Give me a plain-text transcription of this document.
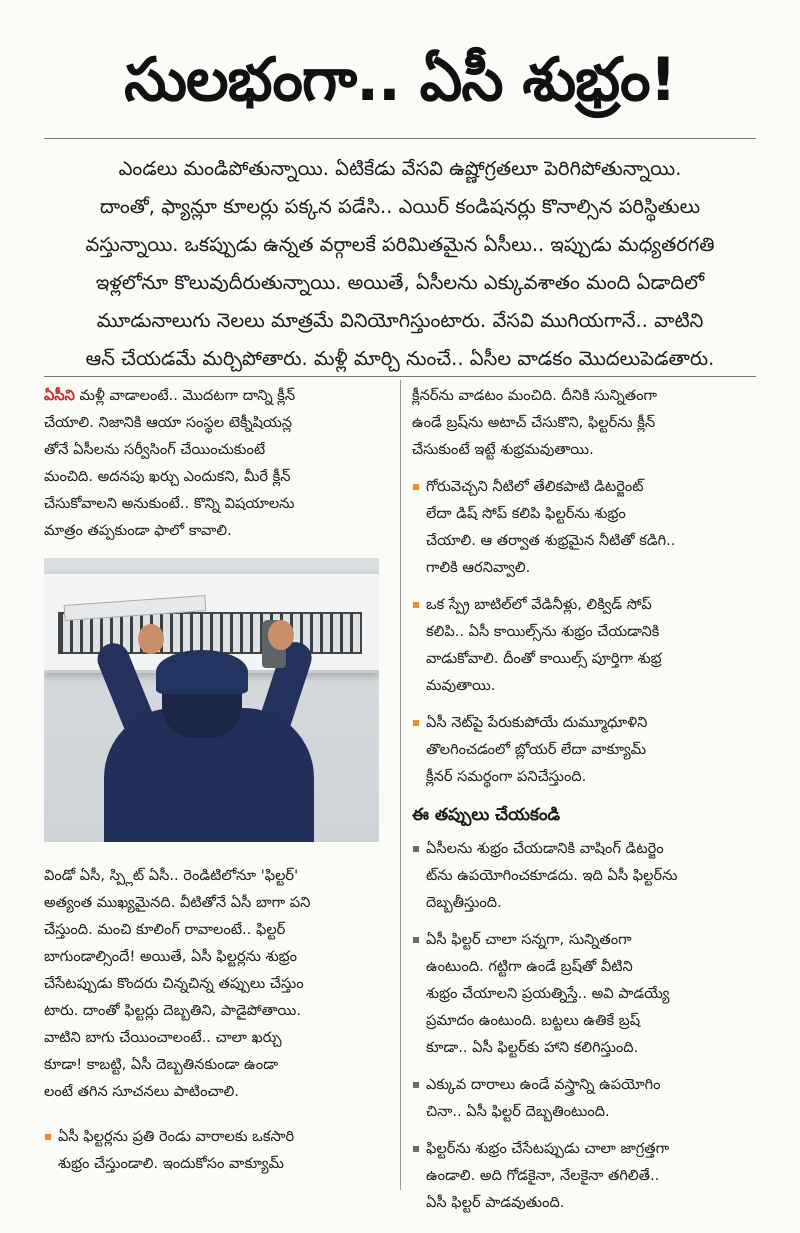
సులభంగా.. ఏసీ శుభ్రం!

ఎండలు మండిపోతున్నాయి. ఏటికేడు వేసవి ఉష్ణోగ్రతలూ పెరిగిపోతున్నాయి.

దాంతో, ఫ్యాన్లూ కూలర్లు పక్కన పడేసి.. ఎయిర్ కండిషనర్లు కొనాల్సిన పరిస్థితులు

వస్తున్నాయి. ఒకప్పుడు ఉన్నత వర్గాలకే పరిమితమైన ఏసీలు.. ఇప్పుడు మధ్యతరగతి

ఇళ్లలోనూ కొలువుదీరుతున్నాయి. అయితే, ఏసీలను ఎక్కువశాతం మంది ఏడాదిలో

మూడునాలుగు నెలలు మాత్రమే వినియోగిస్తుంటారు. వేసవి ముగియగానే.. వాటిని

ఆన్ చేయడమే మర్చిపోతారు. మళ్లీ మార్చి నుంచే.. ఏసీల వాడకం మొదలుపెడతారు.

ఏసీని మళ్లీ వాడాలంటే.. మొదటగా దాన్ని క్లీన్

చేయాలి. నిజానికి ఆయా సంస్థల టెక్నీషియన్ల

తోనే ఏసీలను సర్వీసింగ్ చేయించుకుంటే

మంచిది. అదనపు ఖర్చు ఎందుకని, మీరే క్లీన్

చేసుకోవాలని అనుకుంటే.. కొన్ని విషయాలను

మాత్రం తప్పకుండా ఫాలో కావాలి.

విండో ఏసీ, స్ప్లిట్ ఏసీ.. రెండిటిలోనూ 'ఫిల్టర్'

అత్యంత ముఖ్యమైనది. వీటితోనే ఏసీ బాగా పని

చేస్తుంది. మంచి కూలింగ్ రావాలంటే.. ఫిల్టర్

బాగుండాల్సిందే! అయితే, ఏసీ ఫిల్టర్లను శుభ్రం

చేసేటప్పుడు కొందరు చిన్నచిన్న తప్పులు చేస్తుం

టారు. దాంతో ఫిల్టర్లు దెబ్బతిని, పాడైపోతాయి.

వాటిని బాగు చేయించాలంటే.. చాలా ఖర్చు

కూడా! కాబట్టి, ఏసీ దెబ్బతినకుండా ఉండా

లంటే తగిన సూచనలు పాటించాలి.

ఏసీ ఫిల్టర్లను ప్రతి రెండు వారాలకు ఒకసారి

శుభ్రం చేస్తుండాలి. ఇందుకోసం వాక్యూమ్

క్లీనర్‌ను వాడటం మంచిది. దీనికి సున్నితంగా

ఉండే బ్రష్‌ను అటాచ్ చేసుకొని, ఫిల్టర్‌ను క్లీన్

చేసుకుంటే ఇట్టే శుభ్రమవుతాయి.

గోరువెచ్చని నీటిలో తేలికపాటి డిటర్జెంట్

లేదా డిష్ సోప్ కలిపి ఫిల్టర్‌ను శుభ్రం

చేయాలి. ఆ తర్వాత శుభ్రమైన నీటితో కడిగి..

గాలికి ఆరనివ్వాలి.

ఒక స్ప్రే బాటిల్‌లో వేడినీళ్లు, లిక్విడ్ సోప్

కలిపి.. ఏసీ కాయిల్స్‌ను శుభ్రం చేయడానికి

వాడుకోవాలి. దీంతో కాయిల్స్ పూర్తిగా శుభ్ర

మవుతాయి.

ఏసీ నెట్‌పై పేరుకుపోయే దుమ్మూధూళిని

తొలగించడంలో బ్లోయర్ లేదా వాక్యూమ్

క్లీనర్ సమర్థంగా పనిచేస్తుంది.

ఈ తప్పులు చేయకండి

ఏసీలను శుభ్రం చేయడానికి వాషింగ్ డిటర్జెం

ట్‌ను ఉపయోగించకూడదు. ఇది ఏసీ ఫిల్టర్‌ను

దెబ్బతీస్తుంది.

ఏసీ ఫిల్టర్ చాలా సన్నగా, సున్నితంగా

ఉంటుంది. గట్టిగా ఉండే బ్రష్‌తో వీటిని

శుభ్రం చేయాలని ప్రయత్నిస్తే.. అవి పాడయ్యే

ప్రమాదం ఉంటుంది. బట్టలు ఉతికే బ్రష్

కూడా.. ఏసీ ఫిల్టర్‌కు హాని కలిగిస్తుంది.

ఎక్కువ దారాలు ఉండే వస్త్రాన్ని ఉపయోగిం

చినా.. ఏసీ ఫిల్టర్ దెబ్బతింటుంది.

ఫిల్టర్‌ను శుభ్రం చేసేటప్పుడు చాలా జాగ్రత్తగా

ఉండాలి. అది గోడకైనా, నేలకైనా తగిలితే..

ఏసీ ఫిల్టర్ పాడవుతుంది.
